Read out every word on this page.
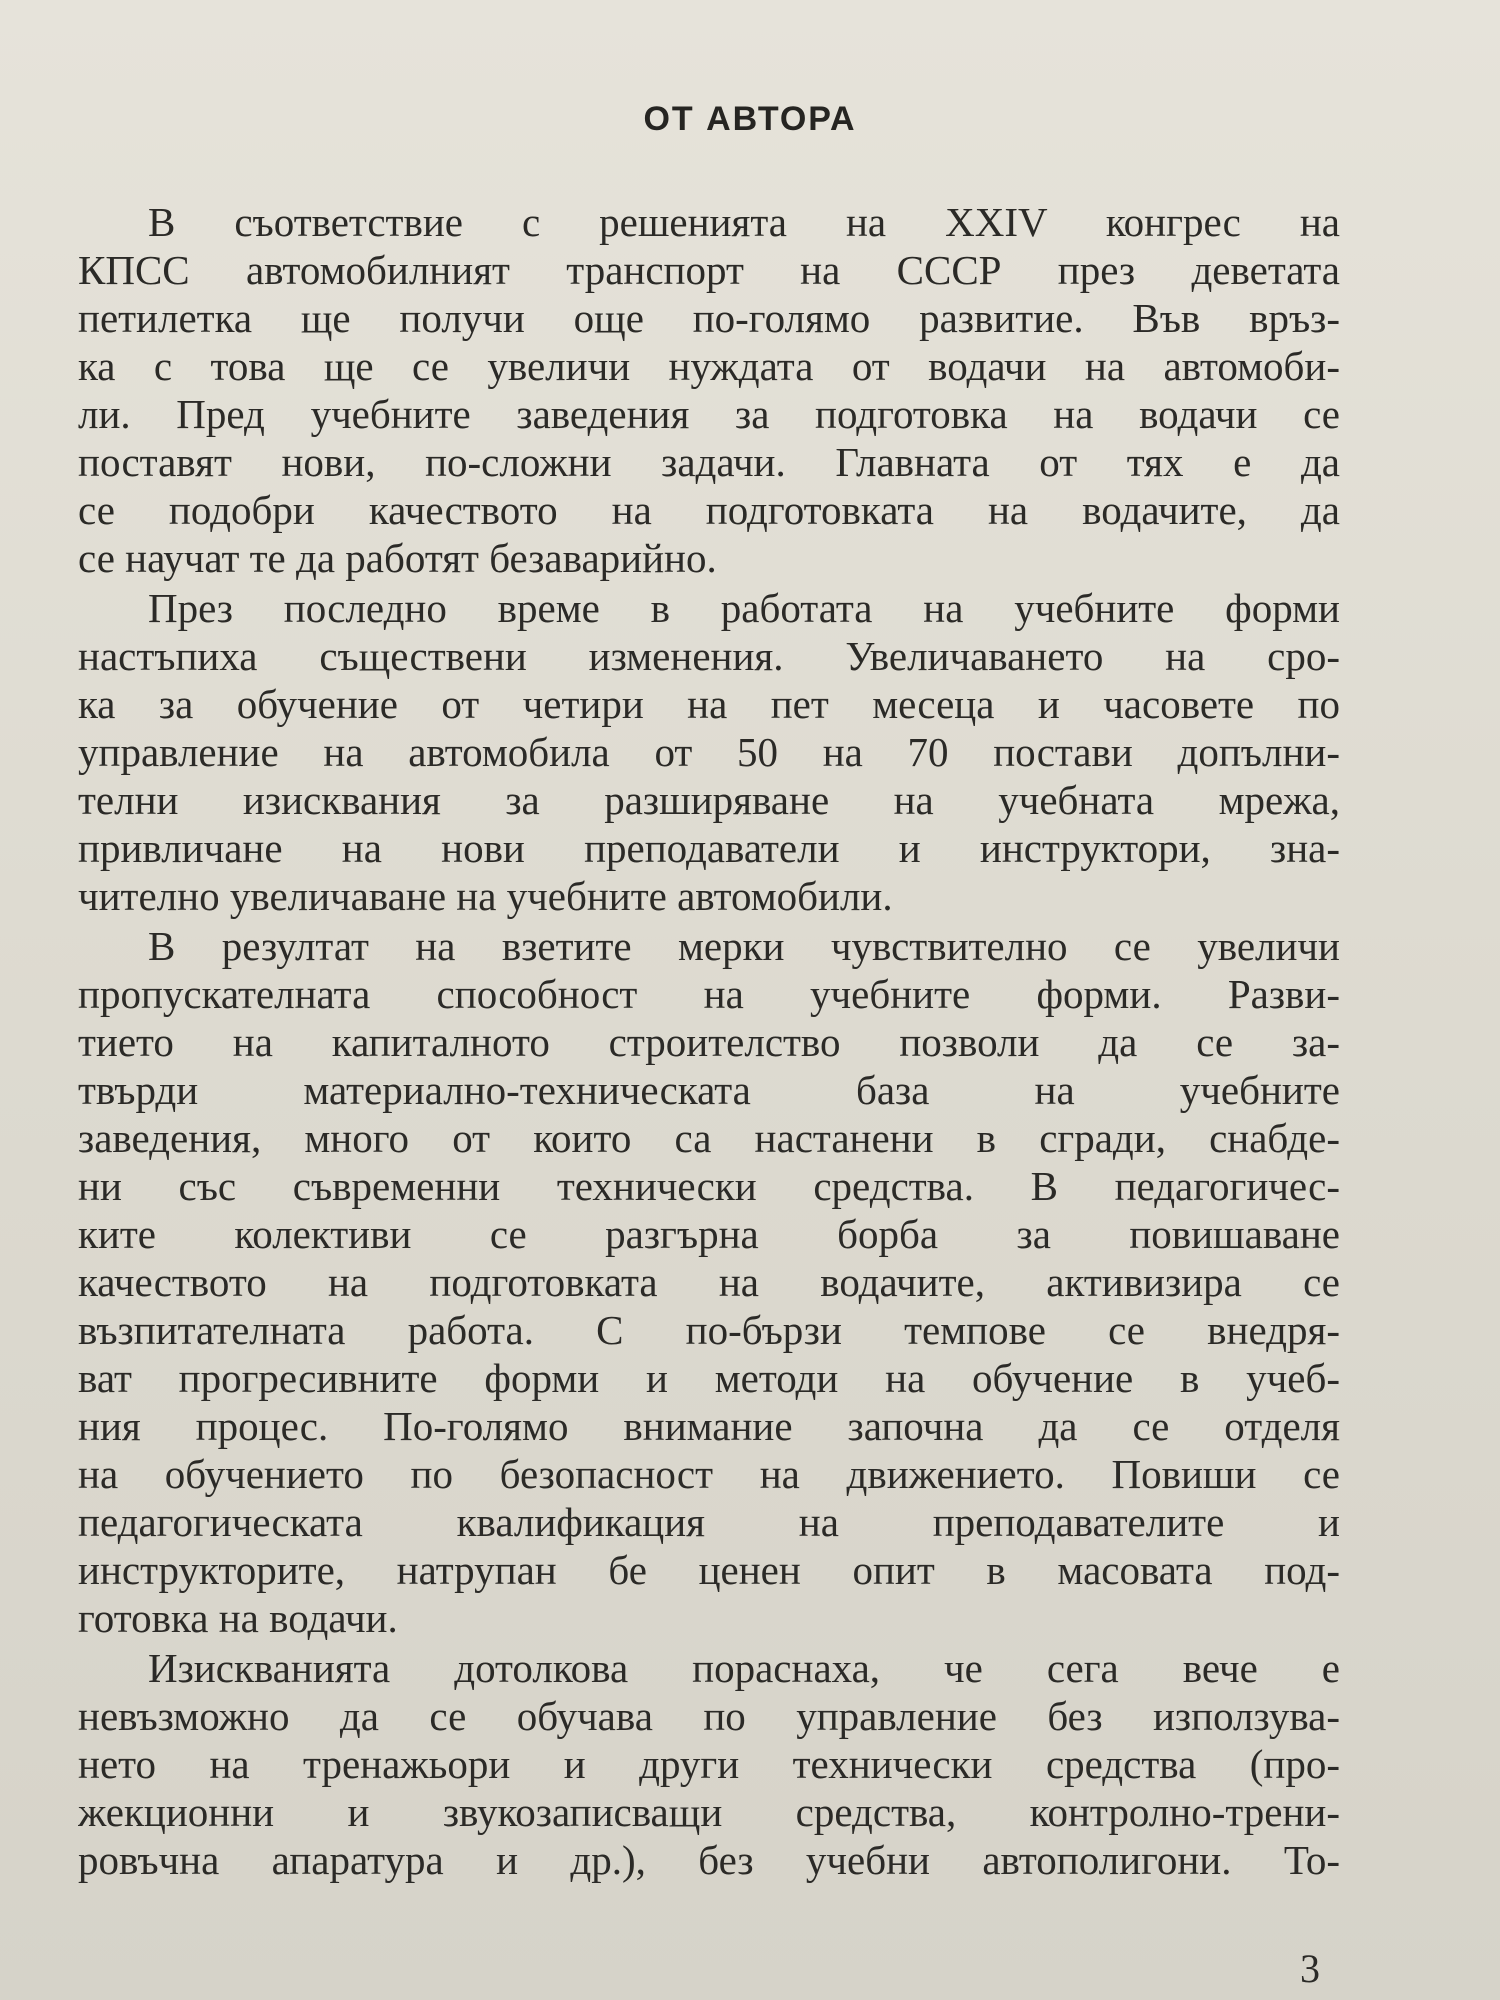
ОТ АВТОРА
В съответствие с решенията на XXIV конгрес на
КПСС автомобилният транспорт на СССР през деветата
петилетка ще получи още по-голямо развитие. Във връз-
ка с това ще се увеличи нуждата от водачи на автомоби-
ли. Пред учебните заведения за подготовка на водачи се
поставят нови, по-сложни задачи. Главната от тях е да
се подобри качеството на подготовката на водачите, да
се научат те да работят безаварийно.
През последно време в работата на учебните форми
настъпиха съществени изменения. Увеличаването на сро-
ка за обучение от четири на пет месеца и часовете по
управление на автомобила от 50 на 70 постави допълни-
телни изисквания за разширяване на учебната мрежа,
привличане на нови преподаватели и инструктори, зна-
чително увеличаване на учебните автомобили.
В резултат на взетите мерки чувствително се увеличи
пропускателната способност на учебните форми. Разви-
тието на капиталното строителство позволи да се за-
твърди материално-техническата база на учебните
заведения, много от които са настанени в сгради, снабде-
ни със съвременни технически средства. В педагогичес-
ките колективи се разгърна борба за повишаване
качеството на подготовката на водачите, активизира се
възпитателната работа. С по-бързи темпове се внедря-
ват прогресивните форми и методи на обучение в учеб-
ния процес. По-голямо внимание започна да се отделя
на обучението по безопасност на движението. Повиши се
педагогическата квалификация на преподавателите и
инструкторите, натрупан бе ценен опит в масовата под-
готовка на водачи.
Изискванията дотолкова пораснаха, че сега вече е
невъзможно да се обучава по управление без използува-
нето на тренажьори и други технически средства (про-
жекционни и звукозаписващи средства, контролно-трени-
ровъчна апаратура и др.), без учебни автополигони. То-
3
